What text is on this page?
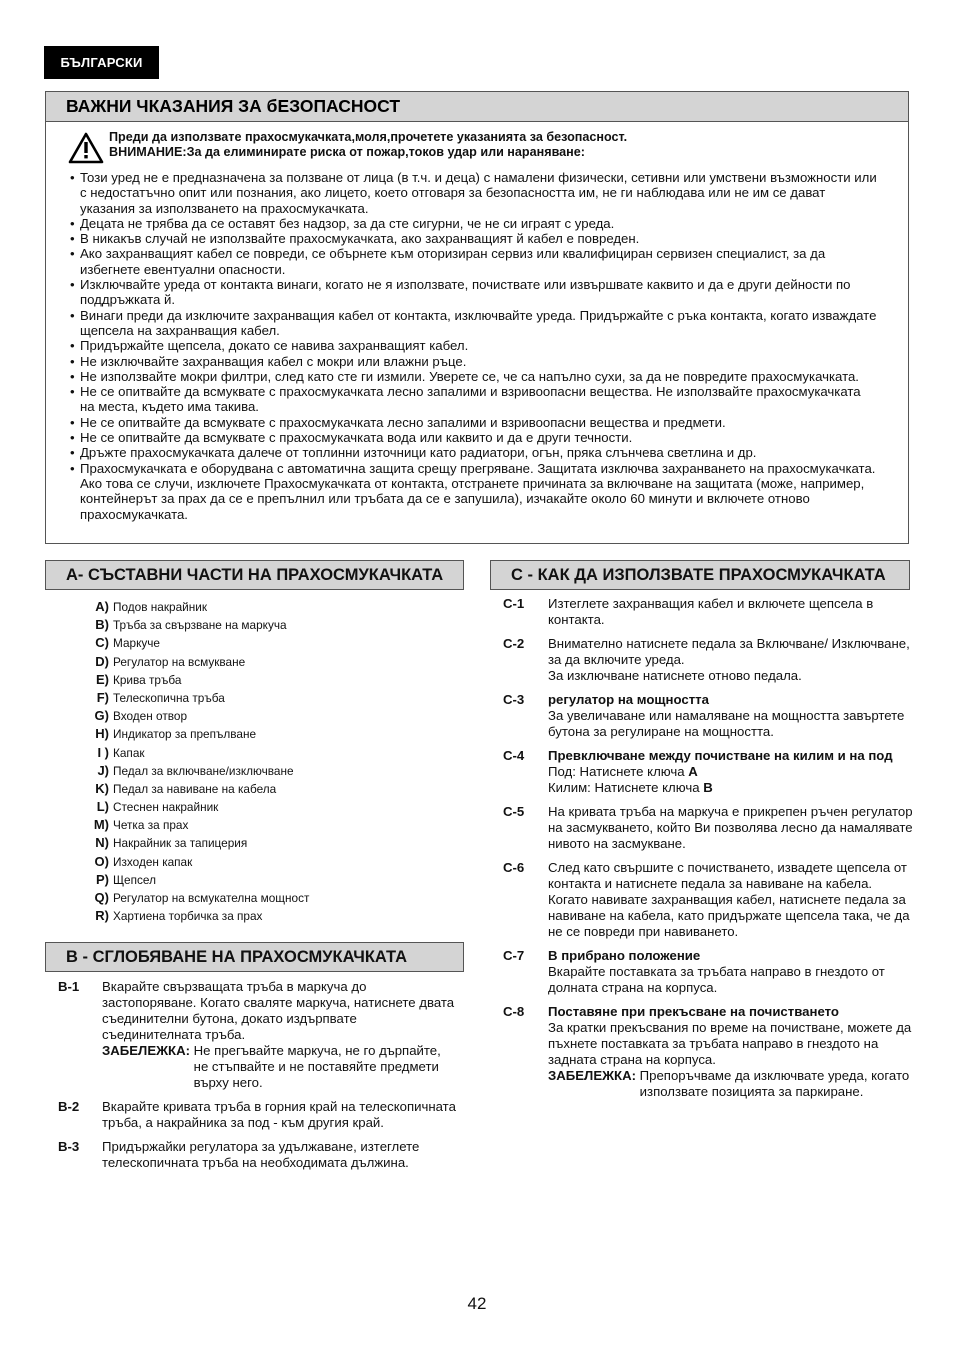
БЪЛГАРСКИ
ВАЖНИ ЧКАЗАНИЯ ЗА бЕЗОПАСНОСТ
Преди да използвате прахосмукачката,моля,прочетете указанията за безопасност.
ВНИМАНИЕ:За да елиминирате риска от пожар,токов удар или нараняване:
• Този уред не е предназначена за ползване от лица (в т.ч. и деца) с намалени физически, сетивни или умствени възможности или с недостатъчно опит или познания, ако лицето, което отговаря за безопасността им, не ги наблюдава или не им се дават указания за използването на прахосмукачката.
• Децата не трябва да се оставят без надзор, за да сте сигурни, че не си играят с уреда.
• В никакъв случай не използвайте прахосмукачката, ако захранващият й кабел е повреден.
• Ако захранващият кабел се повреди, се обърнете към оторизиран сервиз или квалифициран сервизен специалист, за да избегнете евентуални опасности.
• Изключвайте уреда от контакта винаги, когато не я използвате, почиствате или извършвате каквито и да е други дейности по поддръжката й.
• Винаги преди да изключите захранващия кабел от контакта, изключвайте уреда. Придържайте с ръка контакта, когато изваждате щепсела на захранващия кабел.
• Придържайте щепсела, докато се навива захранващият кабел.
• Не изключвайте захранващия кабел с мокри или влажни ръце.
• Не използвайте мокри филтри, след като сте ги измили. Уверете се, че са напълно сухи, за да не повредите прахосмукачката.
• Не се опитвайте да всмуквате с прахосмукачката лесно запалими и взривоопасни вещества. Не използвайте прахосмукачката на места, където има такива.
• Не се опитвайте да всмуквате с прахосмукачката лесно запалими и взривоопасни вещества и предмети.
• Не се опитвайте да всмуквате с прахосмукачката вода или каквито и да е други течности.
• Дръжте прахосмукачката далече от топлинни източници като радиатори, огън, пряка слънчева светлина и др.
• Прахосмукачката е оборудвана с автоматична защита срещу прегряване. Защитата изключва захранването на прахосмукачката. Ако това се случи, изключете Прахосмукачката от контакта, отстранете причината за включване на защитата (може, например, контейнерът за прах да се е препълнил или тръбата да се е запушила), изчакайте около 60 минути и включете отново прахосмукачката.
A- СЪСТАВНИ ЧАСТИ НА ПРАХОСМУКАЧКАТА
A) Подов накрайник
B) Тръба за свързване на маркуча
C) Маркуче
D) Регулатор на всмукване
E) Крива тръба
F) Телескопична тръба
G) Входен отвор
H) Индикатор за препълване
I ) Капак
J) Педал за включване/изключване
K) Педал за навиване на кабела
L) Стеснен накрайник
M) Четка за прах
N) Накрайник за тапицерия
O) Изходен капак
P) Щепсел
Q) Регулатор на всмукателна мощност
R) Хартиена торбичка за прах
B - СГЛОБЯВАНЕ НА ПРАХОСМУКАЧКАТА
B-1 Вкарайте свързващата тръба в маркуча до застопоряване. Когато сваляте маркуча, натиснете двата съединителни бутона, докато издърпвате съединителната тръба.
ЗАБЕЛЕЖКА: Не прегъвайте маркуча, не го дърпайте, не стъпвайте и не поставяйте предмети върху него.
B-2 Вкарайте кривата тръба в горния край на телескопичната тръба, а накрайника за под - към другия край.
B-3 Придържайки регулатора за удължаване, изтеглете телескопичната тръба на необходимата дължина.
C - КАК ДА ИЗПОЛЗВАТЕ ПРАХОСМУКАЧКАТА
C-1 Изтеглете захранващия кабел и включете щепсела в контакта.
C-2 Внимателно натиснете педала за Включване/ Изключване, за да включите уреда.
За изключване натиснете отново педала.
C-3 регулатор на мощността
За увеличаване или намаляване на мощността завъртете бутона за регулиране на мощността.
C-4 Превключване между почистване на килим и на под
Под: Натиснете ключа A
Килим: Натиснете ключа B
C-5 На кривата тръба на маркуча е прикрепен ръчен регулатор на засмукването, който Ви позволява лесно да намалявате нивото на засмукване.
C-6 След като свършите с почистването, извадете щепсела от контакта и натиснете педала за навиване на кабела.
Когато навивате захранващия кабел, натиснете педала за навиване на кабела, като придържате щепсела така, че да не се повреди при навиването.
C-7 В прибрано положение
Вкарайте поставката за тръбата направо в гнездото от долната страна на корпуса.
C-8 Поставяне при прекъсване на почистването
За кратки прекъсвания по време на почистване, можете да пъхнете поставката за тръбата направо в гнездото на задната страна на корпуса.
ЗАБЕЛЕЖКА: Препоръчваме да изключвате уреда, когато използвате позицията за паркиране.
42
